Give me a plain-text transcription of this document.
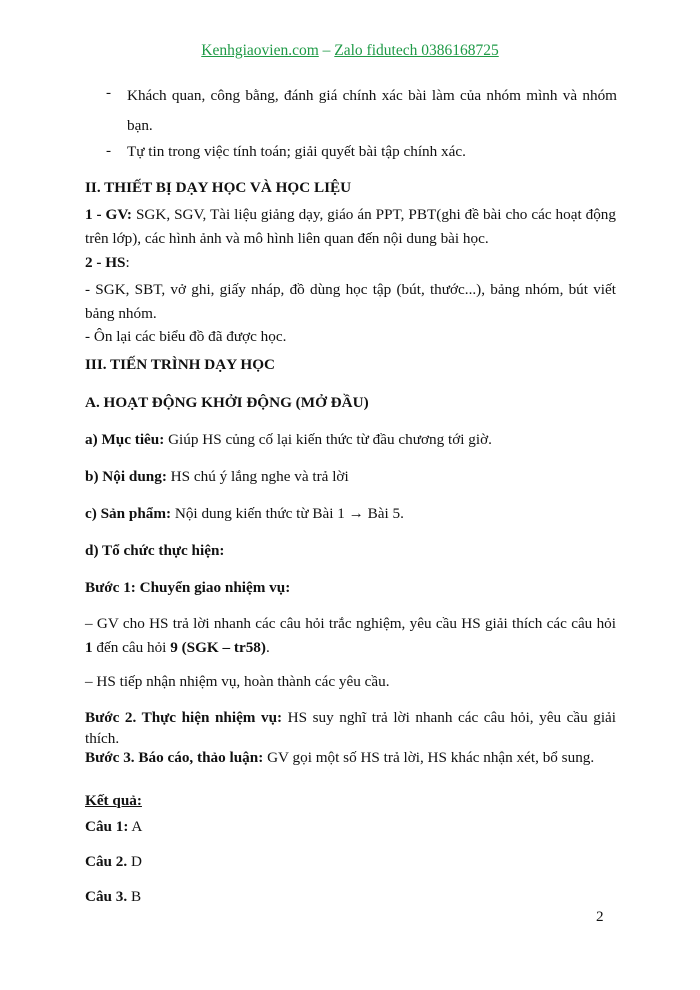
Kenhgiaovien.com – Zalo fidutech 0386168725
- Khách quan, công bằng, đánh giá chính xác bài làm của nhóm mình và nhóm bạn.
- Tự tin trong việc tính toán; giải quyết bài tập chính xác.
II. THIẾT BỊ DẠY HỌC VÀ HỌC LIỆU
1 - GV: SGK, SGV, Tài liệu giảng dạy, giáo án PPT, PBT(ghi đề bài cho các hoạt động trên lớp), các hình ảnh và mô hình liên quan đến nội dung bài học.
2 - HS:
- SGK, SBT, vở ghi, giấy nháp, đồ dùng học tập (bút, thước...), bảng nhóm, bút viết bảng nhóm.
- Ôn lại các biểu đồ đã được học.
III. TIẾN TRÌNH DẠY HỌC
A. HOẠT ĐỘNG KHỞI ĐỘNG (MỞ ĐẦU)
a) Mục tiêu: Giúp HS củng cố lại kiến thức từ đầu chương tới giờ.
b) Nội dung: HS chú ý lắng nghe và trả lời
c) Sản phẩm: Nội dung kiến thức từ Bài 1 → Bài 5.
d) Tổ chức thực hiện:
Bước 1: Chuyển giao nhiệm vụ:
– GV cho HS trả lời nhanh các câu hỏi trắc nghiệm, yêu cầu HS giải thích các câu hỏi 1 đến câu hỏi 9 (SGK – tr58).
– HS tiếp nhận nhiệm vụ, hoàn thành các yêu cầu.
Bước 2. Thực hiện nhiệm vụ: HS suy nghĩ trả lời nhanh các câu hỏi, yêu cầu giải thích.
Bước 3. Báo cáo, thảo luận: GV gọi một số HS trả lời, HS khác nhận xét, bổ sung.
Kết quả:
Câu 1: A
Câu 2. D
Câu 3. B
2
